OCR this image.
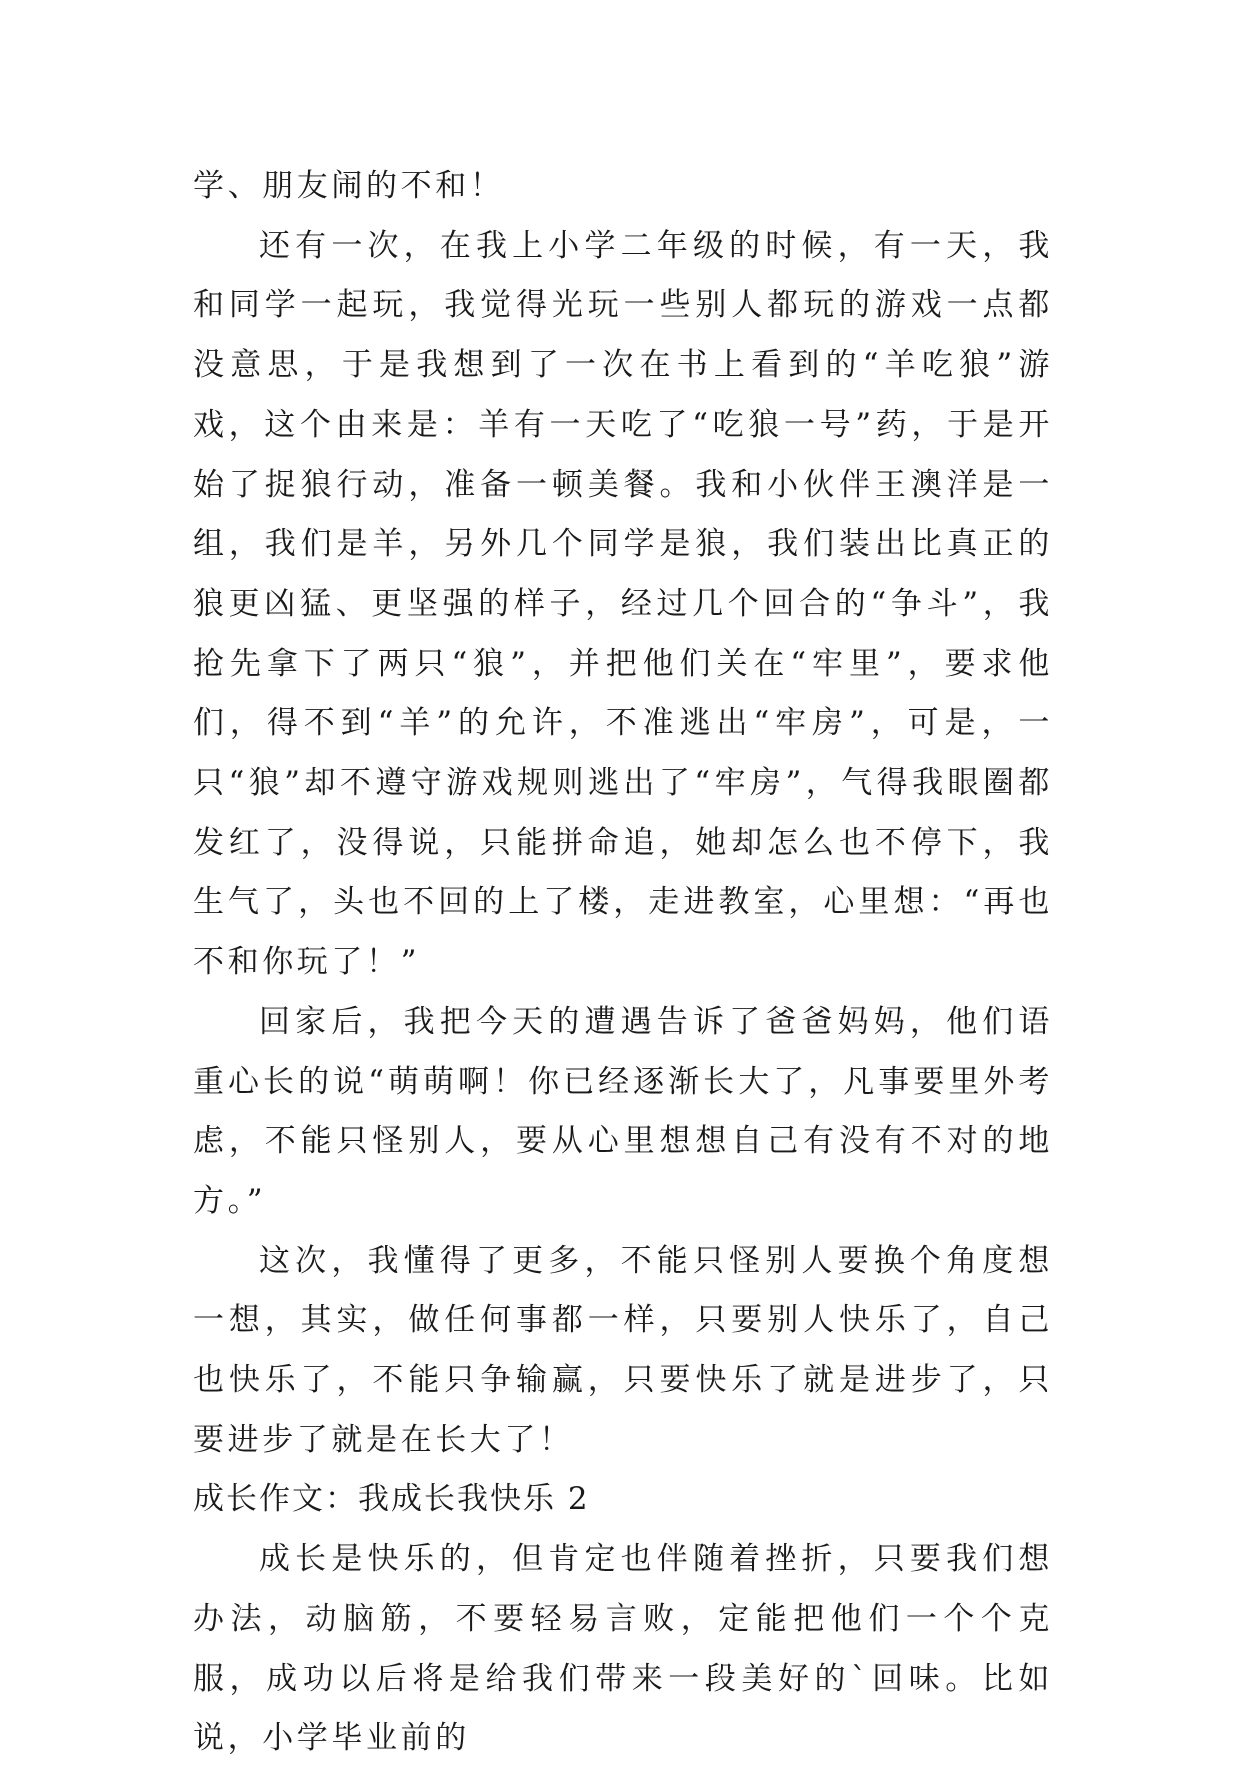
学、朋友闹的不和！

还有一次，在我上小学二年级的时候，有一天，我和同学一起玩，我觉得光玩一些别人都玩的游戏一点都没意思，于是我想到了一次在书上看到的“羊吃狼”游戏，这个由来是：羊有一天吃了“吃狼一号”药，于是开始了捉狼行动，准备一顿美餐。我和小伙伴王澳洋是一组，我们是羊，另外几个同学是狼，我们装出比真正的狼更凶猛、更坚强的样子，经过几个回合的“争斗”，我抢先拿下了两只“狼”，并把他们关在“牢里”，要求他们，得不到“羊”的允许，不准逃出“牢房”，可是，一只“狼”却不遵守游戏规则逃出了“牢房”，气得我眼圈都发红了，没得说，只能拼命追，她却怎么也不停下，我生气了，头也不回的上了楼，走进教室，心里想：“再也不和你玩了！”

回家后，我把今天的遭遇告诉了爸爸妈妈，他们语重心长的说“萌萌啊！你已经逐渐长大了，凡事要里外考虑，不能只怪别人，要从心里想想自己有没有不对的地方。”

这次，我懂得了更多，不能只怪别人要换个角度想一想，其实，做任何事都一样，只要别人快乐了，自己也快乐了，不能只争输赢，只要快乐了就是进步了，只要进步了就是在长大了！

成长作文：我成长我快乐 2

成长是快乐的，但肯定也伴随着挫折，只要我们想办法，动脑筋，不要轻易言败，定能把他们一个个克服，成功以后将是给我们带来一段美好的`回味。比如说，小学毕业前的
